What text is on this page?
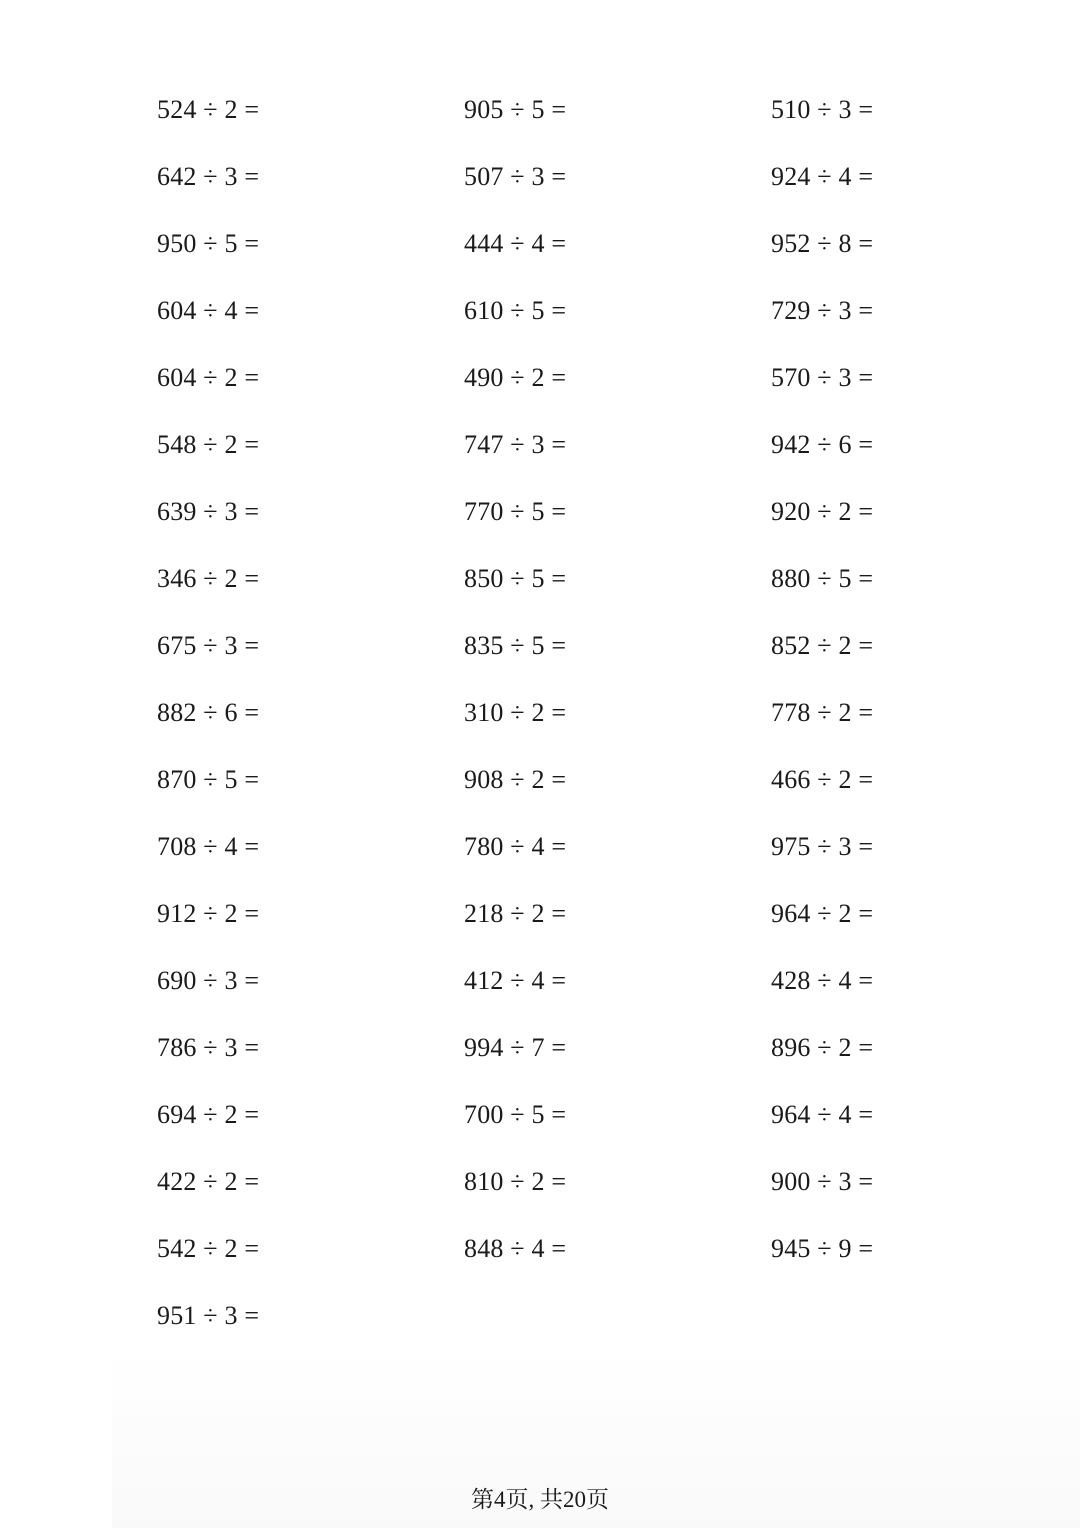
524 ÷ 2 =
642 ÷ 3 =
950 ÷ 5 =
604 ÷ 4 =
604 ÷ 2 =
548 ÷ 2 =
639 ÷ 3 =
346 ÷ 2 =
675 ÷ 3 =
882 ÷ 6 =
870 ÷ 5 =
708 ÷ 4 =
912 ÷ 2 =
690 ÷ 3 =
786 ÷ 3 =
694 ÷ 2 =
422 ÷ 2 =
542 ÷ 2 =
951 ÷ 3 =
905 ÷ 5 =
507 ÷ 3 =
444 ÷ 4 =
610 ÷ 5 =
490 ÷ 2 =
747 ÷ 3 =
770 ÷ 5 =
850 ÷ 5 =
835 ÷ 5 =
310 ÷ 2 =
908 ÷ 2 =
780 ÷ 4 =
218 ÷ 2 =
412 ÷ 4 =
994 ÷ 7 =
700 ÷ 5 =
810 ÷ 2 =
848 ÷ 4 =
510 ÷ 3 =
924 ÷ 4 =
952 ÷ 8 =
729 ÷ 3 =
570 ÷ 3 =
942 ÷ 6 =
920 ÷ 2 =
880 ÷ 5 =
852 ÷ 2 =
778 ÷ 2 =
466 ÷ 2 =
975 ÷ 3 =
964 ÷ 2 =
428 ÷ 4 =
896 ÷ 2 =
964 ÷ 4 =
900 ÷ 3 =
945 ÷ 9 =
第4页, 共20页
